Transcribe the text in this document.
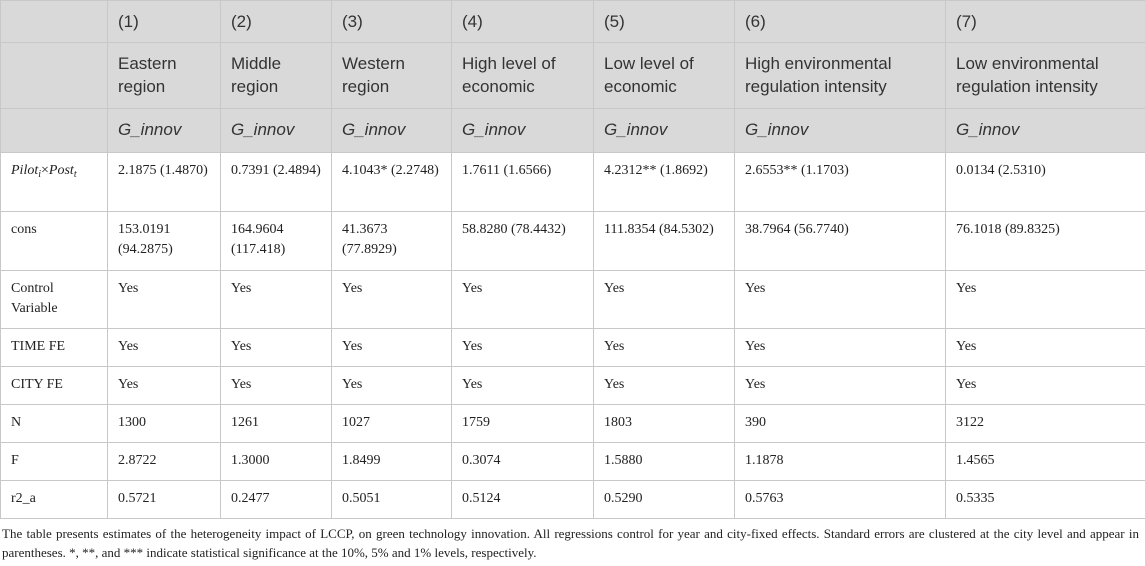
	(1)	(2)	(3)	(4)	(5)	(6)	(7)
	Eastern region	Middle region	Western region	High level of economic	Low level of economic	High environmental regulation intensity	Low environmental regulation intensity
	G_innov	G_innov	G_innov	G_innov	G_innov	G_innov	G_innov
Pilot$_i$×Post$_t$	2.1875 (1.4870)	0.7391 (2.4894)	4.1043* (2.2748)	1.7611 (1.6566)	4.2312** (1.8692)	2.6553** (1.1703)	0.0134 (2.5310)
cons	153.0191 (94.2875)	164.9604 (117.418)	41.3673 (77.8929)	58.8280 (78.4432)	111.8354 (84.5302)	38.7964 (56.7740)	76.1018 (89.8325)
Control Variable	Yes	Yes	Yes	Yes	Yes	Yes	Yes
TIME FE	Yes	Yes	Yes	Yes	Yes	Yes	Yes
CITY FE	Yes	Yes	Yes	Yes	Yes	Yes	Yes
N	1300	1261	1027	1759	1803	390	3122
F	2.8722	1.3000	1.8499	0.3074	1.5880	1.1878	1.4565
r2_a	0.5721	0.2477	0.5051	0.5124	0.5290	0.5763	0.5335
The table presents estimates of the heterogeneity impact of LCCP, on green technology innovation. All regressions control for year and city-fixed effects. Standard errors are clustered at the city level and appear in parentheses. *, **, and *** indicate statistical significance at the 10%, 5% and 1% levels, respectively.
